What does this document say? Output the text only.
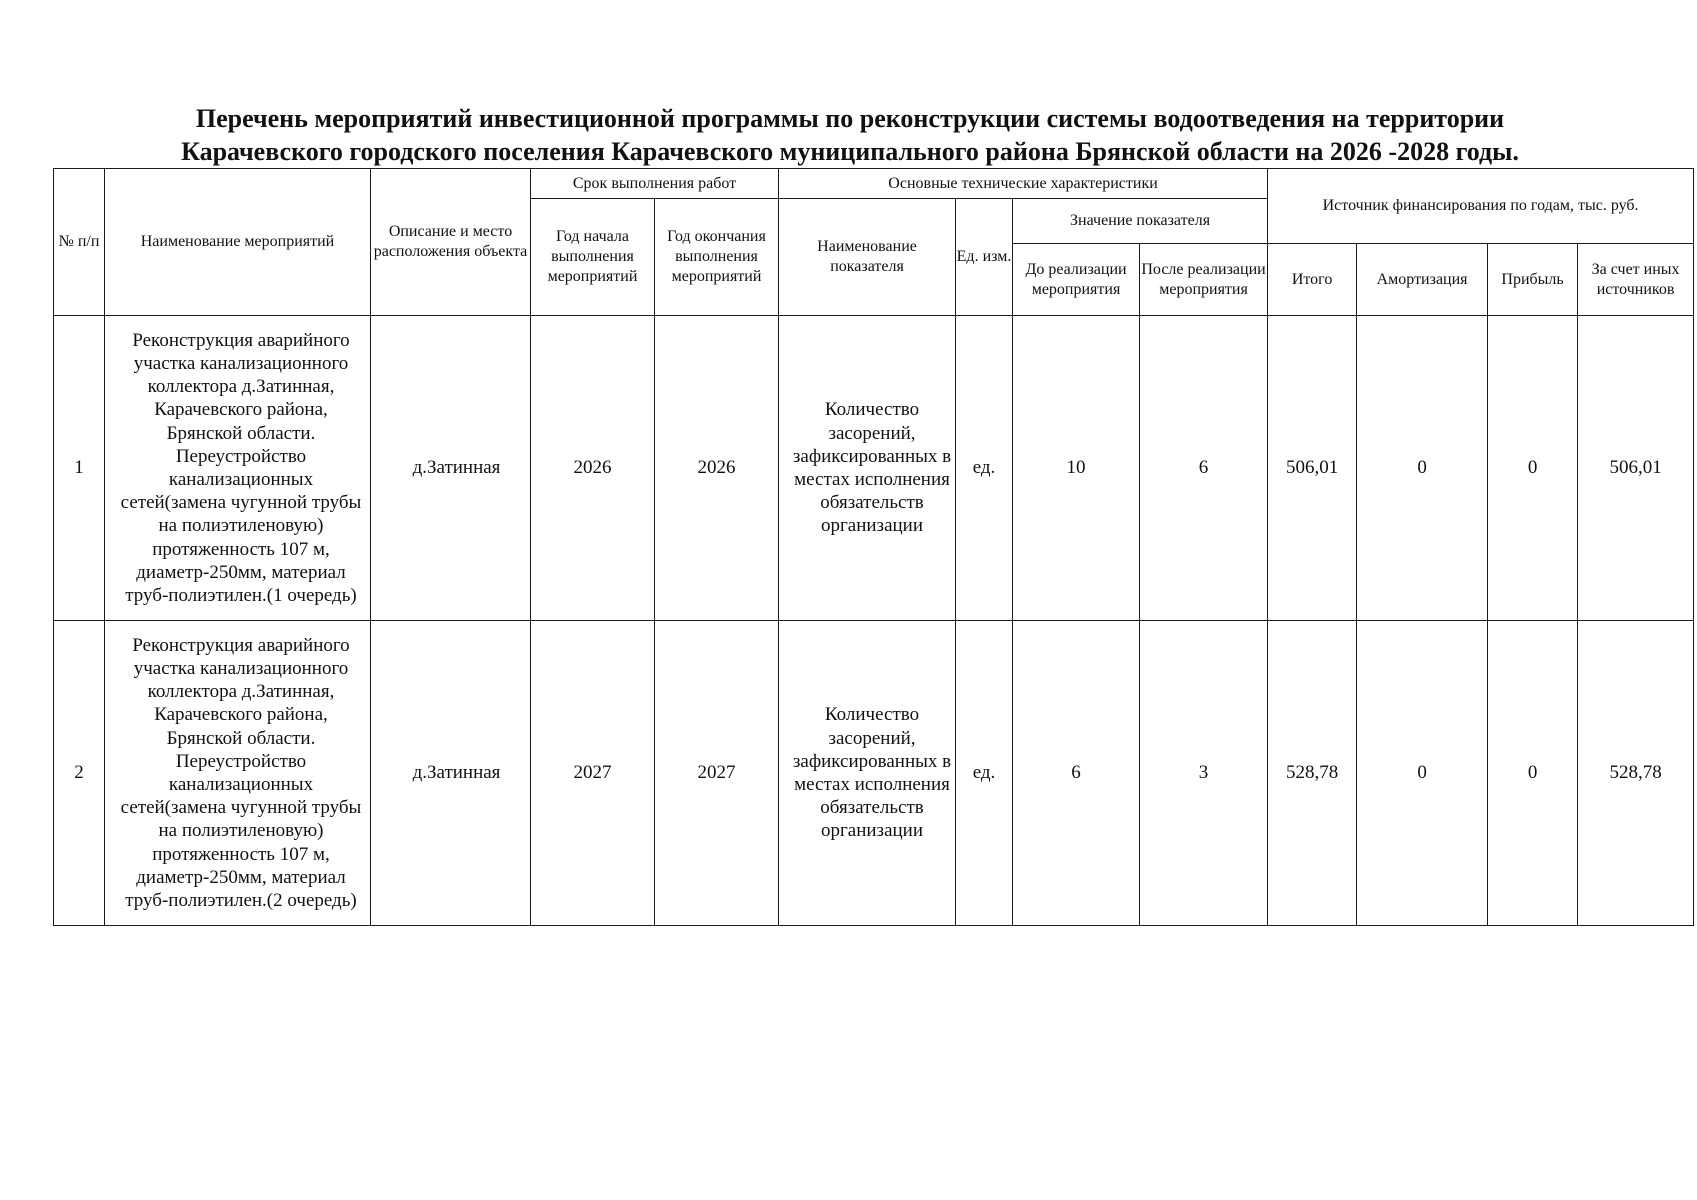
Перечень мероприятий инвестиционной программы по реконструкции системы водоотведения на территории
Карачевского городского поселения Карачевского муниципального района Брянской области на 2026 -2028 годы.
№ п/п	Наименование мероприятий	Описание и место расположения объекта	Срок выполнения работ		Основные технические характеристики				Источник финансирования по годам, тыс. руб.			
			Год начала выполнения мероприятий	Год окончания выполнения мероприятий	Наименование показателя	Ед. изм.	Значение показателя					
							До реализации мероприятия	После реализации мероприятия	Итого	Амортизация	Прибыль	За счет иных источников
1	Реконструкция аварийного участка канализационного коллектора д.Затинная, Карачевского района, Брянской области. Переустройство канализационных сетей(замена чугунной трубы на полиэтиленовую) протяженность 107 м, диаметр-250мм, материал труб-полиэтилен.(1 очередь)	д.Затинная	2026	2026	Количество засорений, зафиксированных в местах исполнения обязательств организации	ед.	10	6	506,01	0	0	506,01
2	Реконструкция аварийного участка канализационного коллектора д.Затинная, Карачевского района, Брянской области. Переустройство канализационных сетей(замена чугунной трубы на полиэтиленовую) протяженность 107 м, диаметр-250мм, материал труб-полиэтилен.(2 очередь)	д.Затинная	2027	2027	Количество засорений, зафиксированных в местах исполнения обязательств организации	ед.	6	3	528,78	0	0	528,78
